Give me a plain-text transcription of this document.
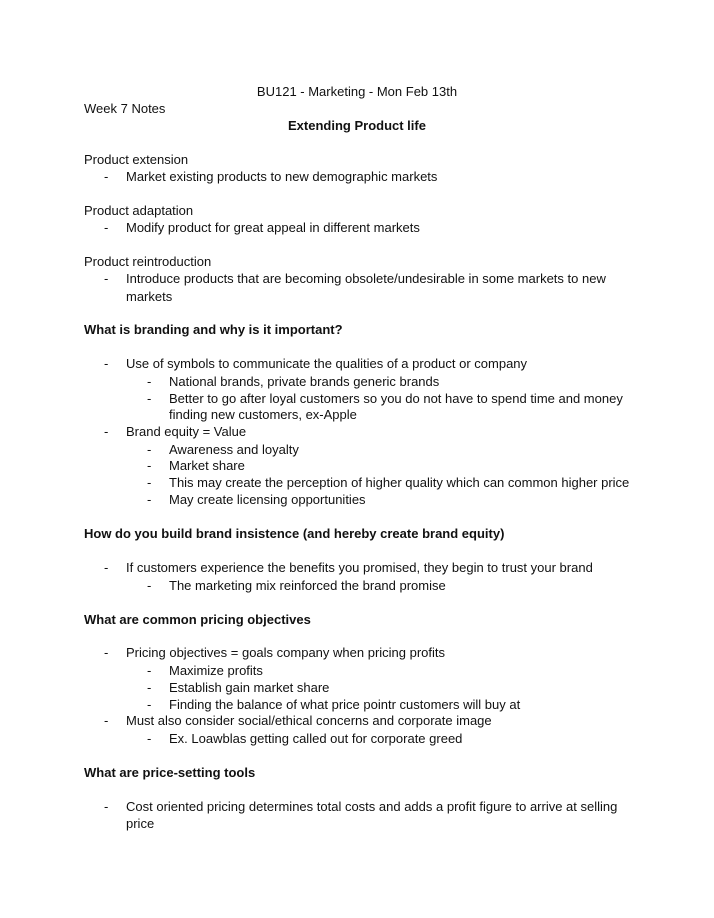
BU121 - Marketing - Mon Feb 13th
Week 7 Notes
Extending Product life
Product extension
- Market existing products to new demographic markets
Product adaptation
- Modify product for great appeal in different markets
Product reintroduction
- Introduce products that are becoming obsolete/undesirable in some markets to new
markets
What is branding and why is it important?
- Use of symbols to communicate the qualities of a product or company
- National brands, private brands generic brands
- Better to go after loyal customers so you do not have to spend time and money
finding new customers, ex-Apple
- Brand equity = Value
- Awareness and loyalty
- Market share
- This may create the perception of higher quality which can common higher price
- May create licensing opportunities
How do you build brand insistence (and hereby create brand equity)
- If customers experience the benefits you promised, they begin to trust your brand
- The marketing mix reinforced the brand promise
What are common pricing objectives
- Pricing objectives = goals company when pricing profits
- Maximize profits
- Establish gain market share
- Finding the balance of what price pointr customers will buy at
- Must also consider social/ethical concerns and corporate image
- Ex. Loawblas getting called out for corporate greed
What are price-setting tools
- Cost oriented pricing determines total costs and adds a profit figure to arrive at selling
price
